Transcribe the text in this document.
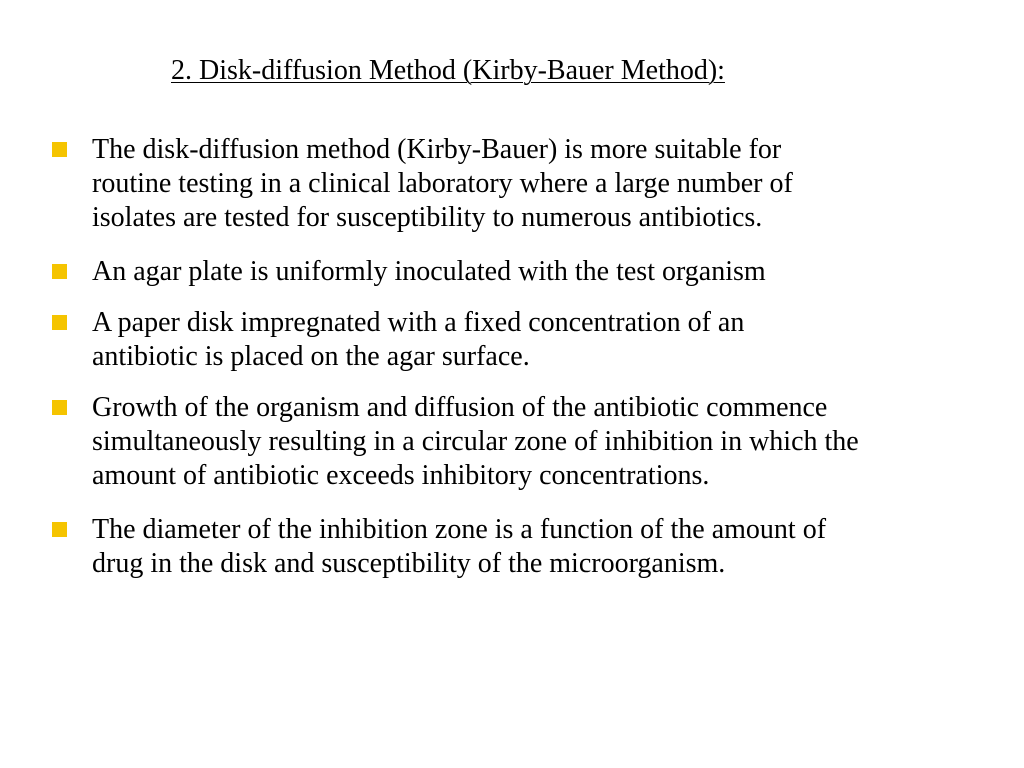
2. Disk-diffusion Method (Kirby-Bauer Method):
The disk-diffusion method (Kirby-Bauer) is more suitable for
routine testing in a clinical laboratory where a large number of
isolates are tested for susceptibility to numerous antibiotics.
An agar plate is uniformly inoculated with the test organism
A paper disk impregnated with a fixed concentration of an
antibiotic is placed on the agar surface.
Growth of the organism and diffusion of the antibiotic commence
simultaneously resulting in a circular zone of inhibition in which the
amount of antibiotic exceeds inhibitory concentrations.
The diameter of the inhibition zone is a function of the amount of
drug in the disk and susceptibility of the microorganism.
